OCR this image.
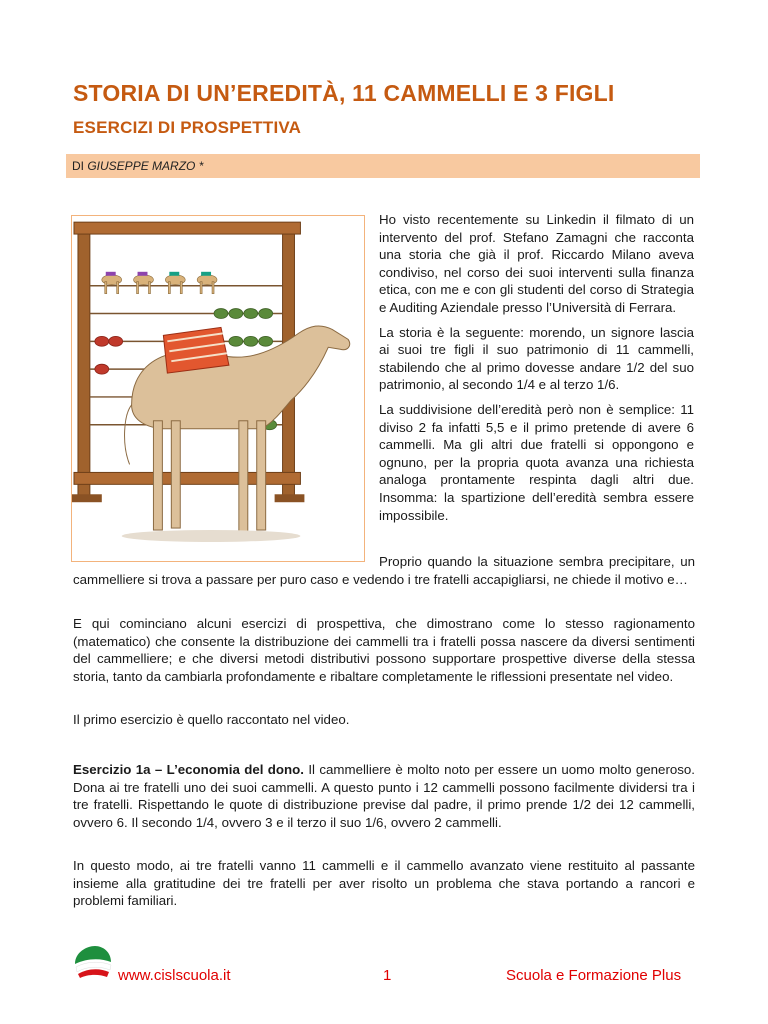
STORIA DI UN’EREDITÀ, 11 CAMMELLI E 3 FIGLI
ESERCIZI DI PROSPETTIVA
DI GIUSEPPE MARZO *

Ho visto recentemente su Linkedin il filmato di un intervento del prof. Stefano Zamagni che racconta una storia che già il prof. Riccardo Milano aveva condiviso, nel corso dei suoi interventi sulla finanza etica, con me e con gli studenti del corso di Strategia e Auditing Aziendale presso l’Università di Ferrara.

La storia è la seguente: morendo, un signore lascia ai suoi tre figli il suo patrimonio di 11 cammelli, stabilendo che al primo dovesse andare 1/2 del suo patrimonio, al secondo 1/4 e al terzo 1/6.

La suddivisione dell’eredità però non è semplice: 11 diviso 2 fa infatti 5,5 e il primo pretende di avere 6 cammelli. Ma gli altri due fratelli si oppongono e ognuno, per la propria quota avanza una richiesta analoga prontamente respinta dagli altri due. Insomma: la spartizione dell’eredità sembra essere impossibile.

Proprio quando la situazione sembra precipitare, un cammelliere si trova a passare per puro caso e vedendo i tre fratelli accapigliarsi, ne chiede il motivo e…

E qui cominciano alcuni esercizi di prospettiva, che dimostrano come lo stesso ragionamento (matematico) che consente la distribuzione dei cammelli tra i fratelli possa nascere da diversi sentimenti del cammelliere; e che diversi metodi distributivi possono supportare prospettive diverse della stessa storia, tanto da cambiarla profondamente e ribaltare completamente le riflessioni presentate nel video.

Il primo esercizio è quello raccontato nel video.

Esercizio 1a – L’economia del dono. Il cammelliere è molto noto per essere un uomo molto generoso. Dona ai tre fratelli uno dei suoi cammelli. A questo punto i 12 cammelli possono facilmente dividersi tra i tre fratelli. Rispettando le quote di distribuzione previse dal padre, il primo prende 1/2 dei 12 cammelli, ovvero 6. Il secondo 1/4, ovvero 3 e il terzo il suo 1/6, ovvero 2 cammelli.

In questo modo, ai tre fratelli vanno 11 cammelli e il cammello avanzato viene restituito al passante insieme alla gratitudine dei tre fratelli per aver risolto un problema che stava portando a rancori e problemi familiari.

www.cislscuola.it	1	Scuola e Formazione Plus
